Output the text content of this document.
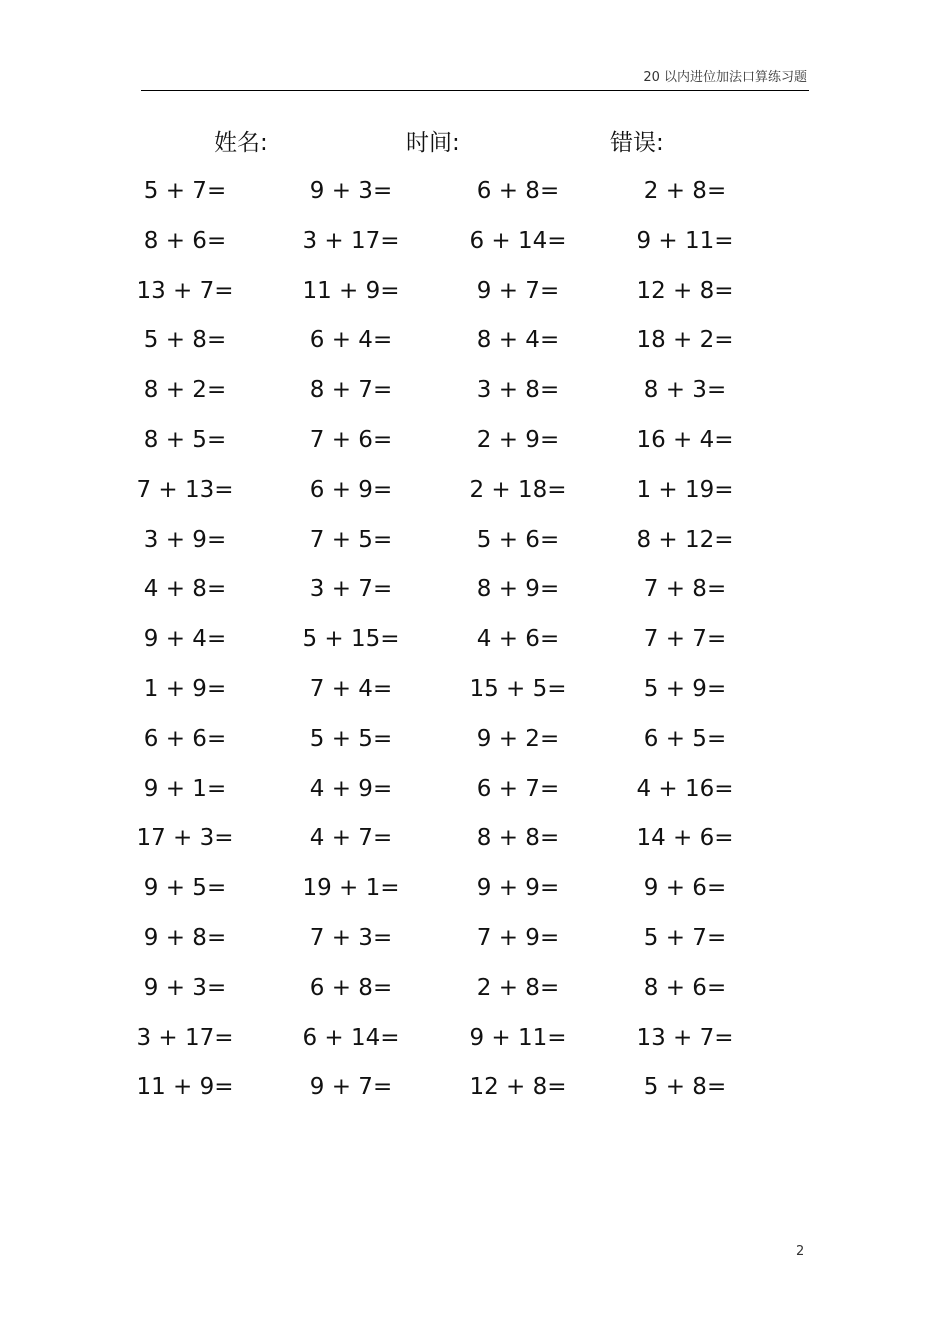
20 以内进位加法口算练习题
姓名:	时间:	错误:
5 + 7=	9 + 3=	6 + 8=	2 + 8=
8 + 6=	3 + 17=	6 + 14=	9 + 11=
13 + 7=	11 + 9=	9 + 7=	12 + 8=
5 + 8=	6 + 4=	8 + 4=	18 + 2=
8 + 2=	8 + 7=	3 + 8=	8 + 3=
8 + 5=	7 + 6=	2 + 9=	16 + 4=
7 + 13=	6 + 9=	2 + 18=	1 + 19=
3 + 9=	7 + 5=	5 + 6=	8 + 12=
4 + 8=	3 + 7=	8 + 9=	7 + 8=
9 + 4=	5 + 15=	4 + 6=	7 + 7=
1 + 9=	7 + 4=	15 + 5=	5 + 9=
6 + 6=	5 + 5=	9 + 2=	6 + 5=
9 + 1=	4 + 9=	6 + 7=	4 + 16=
17 + 3=	4 + 7=	8 + 8=	14 + 6=
9 + 5=	19 + 1=	9 + 9=	9 + 6=
9 + 8=	7 + 3=	7 + 9=	5 + 7=
9 + 3=	6 + 8=	2 + 8=	8 + 6=
3 + 17=	6 + 14=	9 + 11=	13 + 7=
11 + 9=	9 + 7=	12 + 8=	5 + 8=
2
